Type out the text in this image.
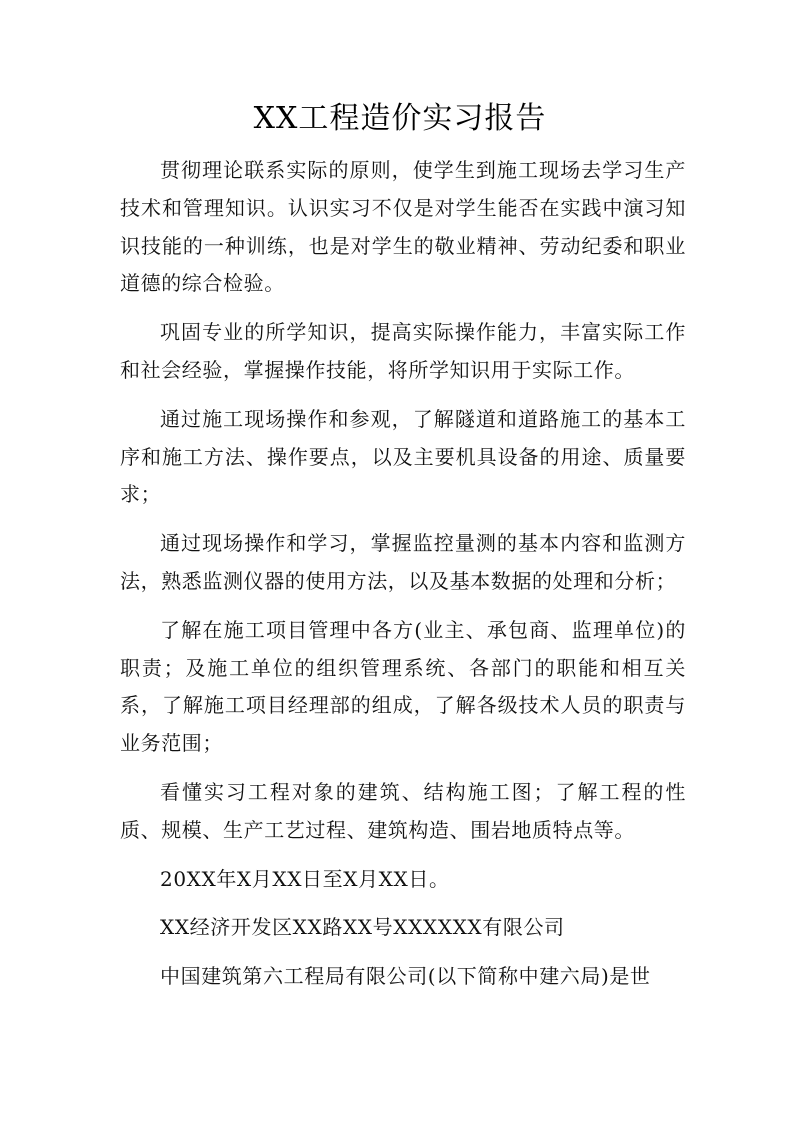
XX工程造价实习报告

贯彻理论联系实际的原则，使学生到施工现场去学习生产技术和管理知识。认识实习不仅是对学生能否在实践中演习知识技能的一种训练，也是对学生的敬业精神、劳动纪委和职业道德的综合检验。

巩固专业的所学知识，提高实际操作能力，丰富实际工作和社会经验，掌握操作技能，将所学知识用于实际工作。

通过施工现场操作和参观，了解隧道和道路施工的基本工序和施工方法、操作要点，以及主要机具设备的用途、质量要求；

通过现场操作和学习，掌握监控量测的基本内容和监测方法，熟悉监测仪器的使用方法，以及基本数据的处理和分析；

了解在施工项目管理中各方(业主、承包商、监理单位)的职责；及施工单位的组织管理系统、各部门的职能和相互关系，了解施工项目经理部的组成，了解各级技术人员的职责与业务范围；

看懂实习工程对象的建筑、结构施工图；了解工程的性质、规模、生产工艺过程、建筑构造、围岩地质特点等。

20XX年X月XX日至X月XX日。

XX经济开发区XX路XX号XXXXXX有限公司

中国建筑第六工程局有限公司(以下简称中建六局)是世
